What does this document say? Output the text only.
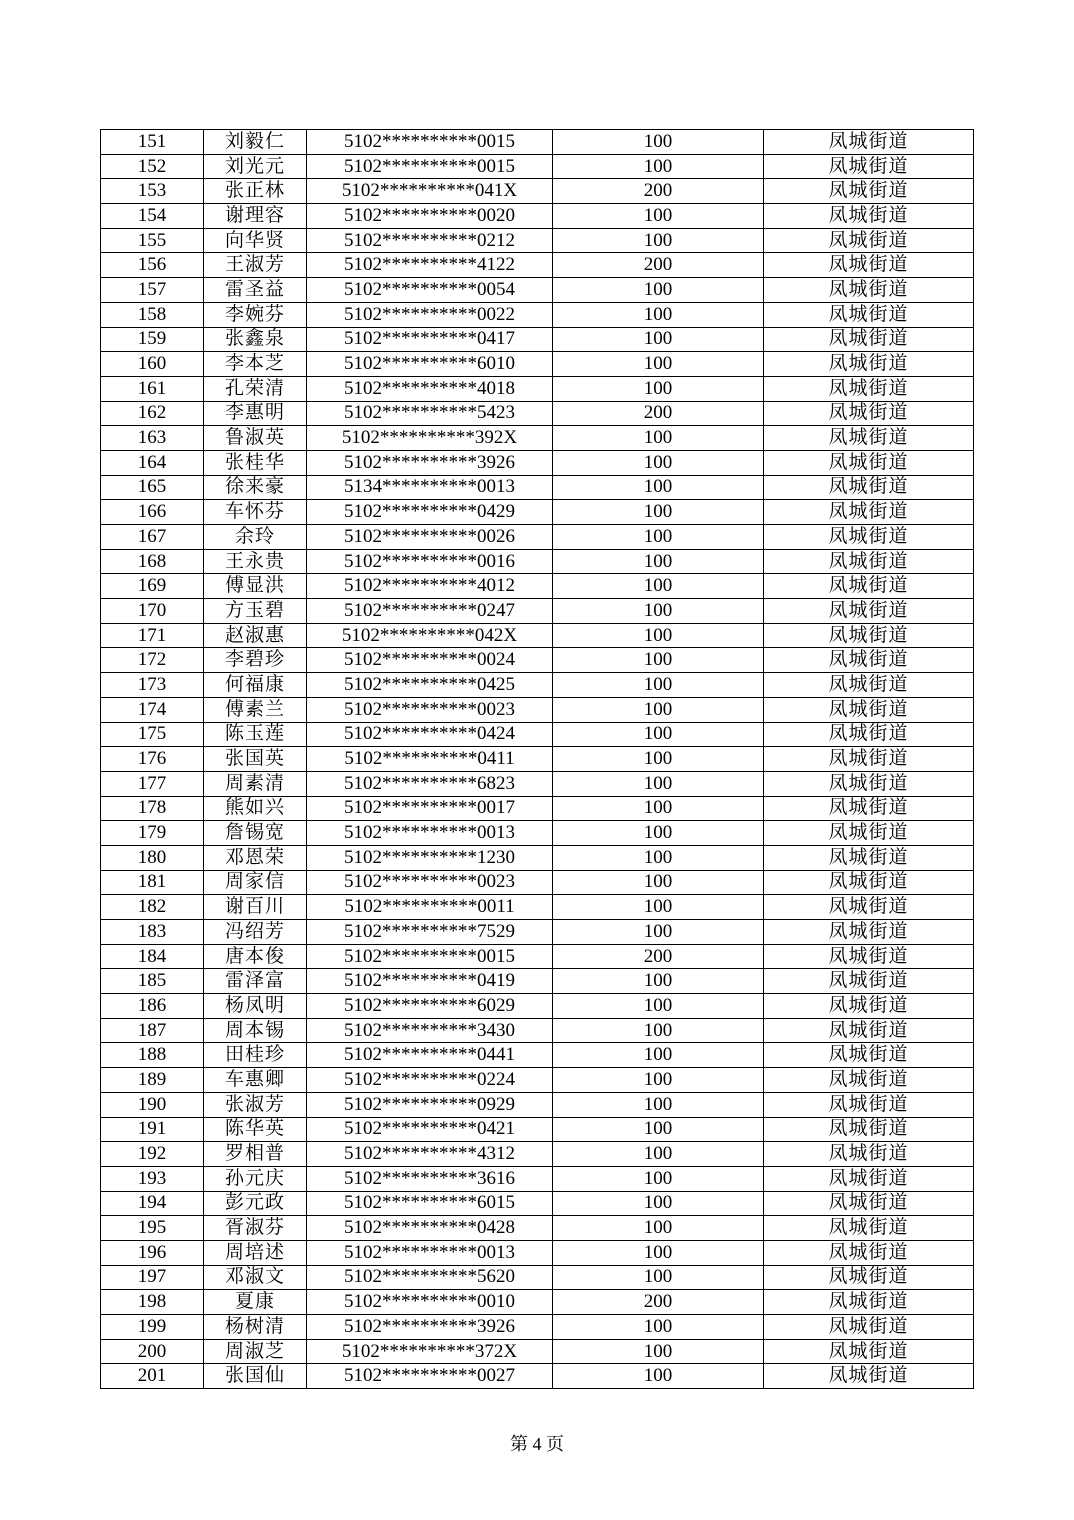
151	刘毅仁	5102**********0015	100	凤城街道
152	刘光元	5102**********0015	100	凤城街道
153	张正林	5102**********041X	200	凤城街道
154	谢理容	5102**********0020	100	凤城街道
155	向华贤	5102**********0212	100	凤城街道
156	王淑芳	5102**********4122	200	凤城街道
157	雷圣益	5102**********0054	100	凤城街道
158	李婉芬	5102**********0022	100	凤城街道
159	张鑫泉	5102**********0417	100	凤城街道
160	李本芝	5102**********6010	100	凤城街道
161	孔荣清	5102**********4018	100	凤城街道
162	李惠明	5102**********5423	200	凤城街道
163	鲁淑英	5102**********392X	100	凤城街道
164	张桂华	5102**********3926	100	凤城街道
165	徐来豪	5134**********0013	100	凤城街道
166	车怀芬	5102**********0429	100	凤城街道
167	余玲	5102**********0026	100	凤城街道
168	王永贵	5102**********0016	100	凤城街道
169	傅显洪	5102**********4012	100	凤城街道
170	方玉碧	5102**********0247	100	凤城街道
171	赵淑惠	5102**********042X	100	凤城街道
172	李碧珍	5102**********0024	100	凤城街道
173	何福康	5102**********0425	100	凤城街道
174	傅素兰	5102**********0023	100	凤城街道
175	陈玉莲	5102**********0424	100	凤城街道
176	张国英	5102**********0411	100	凤城街道
177	周素清	5102**********6823	100	凤城街道
178	熊如兴	5102**********0017	100	凤城街道
179	詹锡宽	5102**********0013	100	凤城街道
180	邓恩荣	5102**********1230	100	凤城街道
181	周家信	5102**********0023	100	凤城街道
182	谢百川	5102**********0011	100	凤城街道
183	冯绍芳	5102**********7529	100	凤城街道
184	唐本俊	5102**********0015	200	凤城街道
185	雷泽富	5102**********0419	100	凤城街道
186	杨凤明	5102**********6029	100	凤城街道
187	周本锡	5102**********3430	100	凤城街道
188	田桂珍	5102**********0441	100	凤城街道
189	车惠卿	5102**********0224	100	凤城街道
190	张淑芳	5102**********0929	100	凤城街道
191	陈华英	5102**********0421	100	凤城街道
192	罗相普	5102**********4312	100	凤城街道
193	孙元庆	5102**********3616	100	凤城街道
194	彭元政	5102**********6015	100	凤城街道
195	胥淑芬	5102**********0428	100	凤城街道
196	周培述	5102**********0013	100	凤城街道
197	邓淑文	5102**********5620	100	凤城街道
198	夏康	5102**********0010	200	凤城街道
199	杨树清	5102**********3926	100	凤城街道
200	周淑芝	5102**********372X	100	凤城街道
201	张国仙	5102**********0027	100	凤城街道
第 4 页
